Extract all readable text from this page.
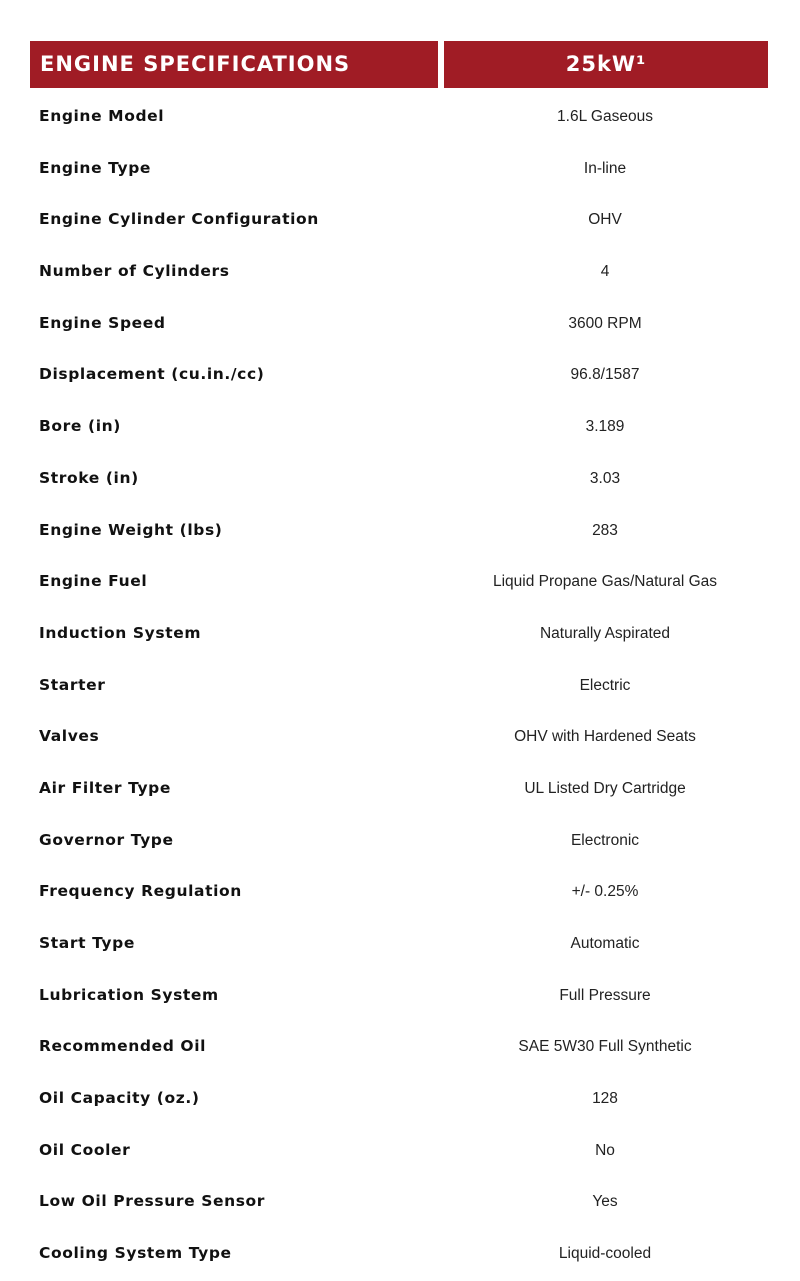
ENGINE SPECIFICATIONS	25kW¹
Engine Model	1.6L Gaseous
Engine Type	In-line
Engine Cylinder Configuration	OHV
Number of Cylinders	4
Engine Speed	3600 RPM
Displacement (cu.in./cc)	96.8/1587
Bore (in)	3.189
Stroke (in)	3.03
Engine Weight (lbs)	283
Engine Fuel	Liquid Propane Gas/Natural Gas
Induction System	Naturally Aspirated
Starter	Electric
Valves	OHV with Hardened Seats
Air Filter Type	UL Listed Dry Cartridge
Governor Type	Electronic
Frequency Regulation	+/- 0.25%
Start Type	Automatic
Lubrication System	Full Pressure
Recommended Oil	SAE 5W30 Full Synthetic
Oil Capacity (oz.)	128
Oil Cooler	No
Low Oil Pressure Sensor	Yes
Cooling System Type	Liquid-cooled
